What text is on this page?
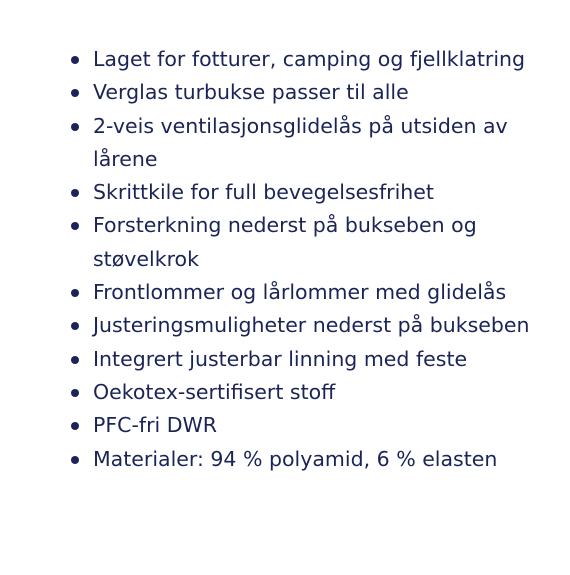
Laget for fotturer, camping og fjellklatring
Verglas turbukse passer til alle
2-veis ventilasjonsglidelås på utsiden av lårene
Skrittkile for full bevegelsesfrihet
Forsterkning nederst på bukseben og støvelkrok
Frontlommer og lårlommer med glidelås
Justeringsmuligheter nederst på bukseben
Integrert justerbar linning med feste
Oekotex-sertifisert stoff
PFC-fri DWR
Materialer: 94 % polyamid, 6 % elasten
